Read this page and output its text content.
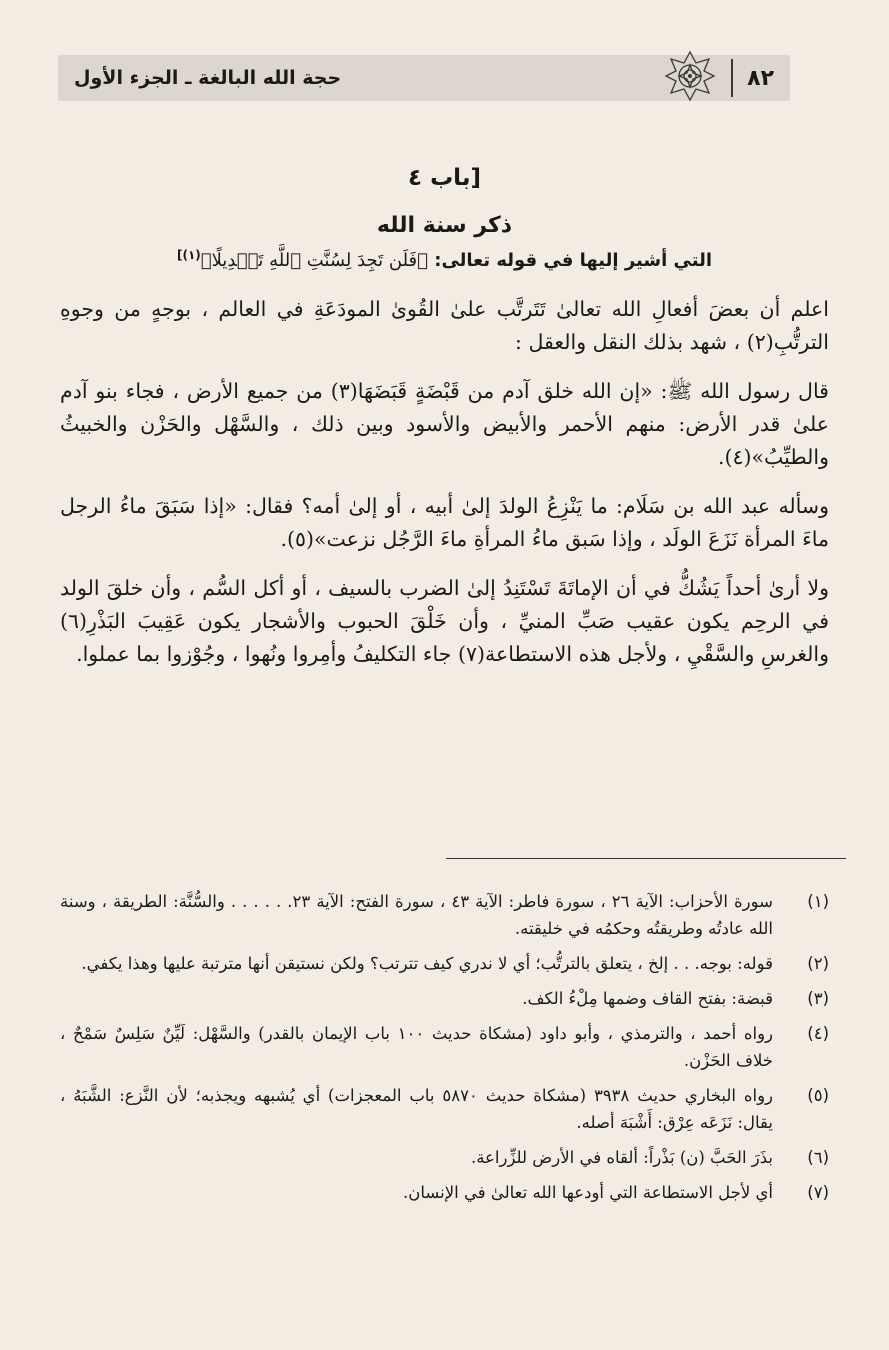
٨٢
حجة الله البالغة ـ الجزء الأول
[باب ٤
ذكر سنة الله
التي أشير إليها في قوله تعالى: ﴿فَلَن تَجِدَ لِسُنَّتِ ٱللَّهِ تَبۡدِيلًا﴾$^{(١)]}$

اعلم أن بعضَ أفعالِ الله تعالىٰ تَتَرتَّب علىٰ القُوىٰ المودَعَةِ في العالم ، بوجهٍ من وجوهِ الترتُّبِ(٢) ، شهد بذلك النقل والعقل :

قال رسول الله ﷺ: «إن الله خلق آدم من قَبْضَةٍ قَبَضَهَا(٣) من جميع الأرض ، فجاء بنو آدم علىٰ قدر الأرض: منهم الأحمر والأبيض والأسود وبين ذلك ، والسَّهْل والحَزْن والخبيثُ والطيِّبُ»(٤).

وسأله عبد الله بن سَلَام: ما يَنْزِعُ الولدَ إلىٰ أبيه ، أو إلىٰ أمه؟ فقال: «إذا سَبَقَ ماءُ الرجل ماءَ المرأة نَزَعَ الولَد ، وإذا سَبق ماءُ المرأةِ ماءَ الرَّجُل نزعت»(٥).

ولا أرىٰ أحداً يَشُكُّ في أن الإماتَةَ تَسْتَنِدُ إلىٰ الضرب بالسيف ، أو أكل السُّم ، وأن خلقَ الولد في الرحِم يكون عقيب صَبِّ المنيِّ ، وأن خَلْقَ الحبوب والأشجار يكون عَقِيبَ البَذْرِ(٦) والغرسِ والسَّقْيِ ، ولأجل هذه الاستطاعة(٧) جاء التكليفُ وأمِروا ونُهوا ، وجُوْزوا بما عملوا.

(١)
سورة الأحزاب: الآية ٢٦ ، سورة فاطر: الآية ٤٣ ، سورة الفتح: الآية ٢٣. . . . . . والسُّنَّة: الطريقة ، وسنة الله عادتُه وطريقتُه وحكمُه في خليقته.
(٢)
قوله: بوجه. . . إلخ ، يتعلق بالترتُّب؛ أي لا ندري كيف تترتب؟ ولكن نستيقن أنها مترتبة عليها وهذا يكفي.
(٣)
قبضة: بفتح القاف وضمها مِلْءُ الكف.
(٤)
رواه أحمد ، والترمذي ، وأبو داود (مشكاة حديث ١٠٠ باب الإيمان بالقدر) والسَّهْل: لَيِّنٌ سَلِسٌ سَمْحٌ ، خلاف الحَزْن.
(٥)
رواه البخاري حديث ٣٩٣٨ (مشكاة حديث ٥٨٧٠ باب المعجزات) أي يُشبهه ويجذبه؛ لأن النَّزع: الشَّبَهُ ، يقال: نَزَعَه عِرْق: أَشْبَهَ أصله.
(٦)
بذَرَ الحَبَّ (ن) بَذْراً: ألقاه في الأرض للزِّراعة.
(٧)
أي لأجل الاستطاعة التي أودعها الله تعالىٰ في الإنسان.
